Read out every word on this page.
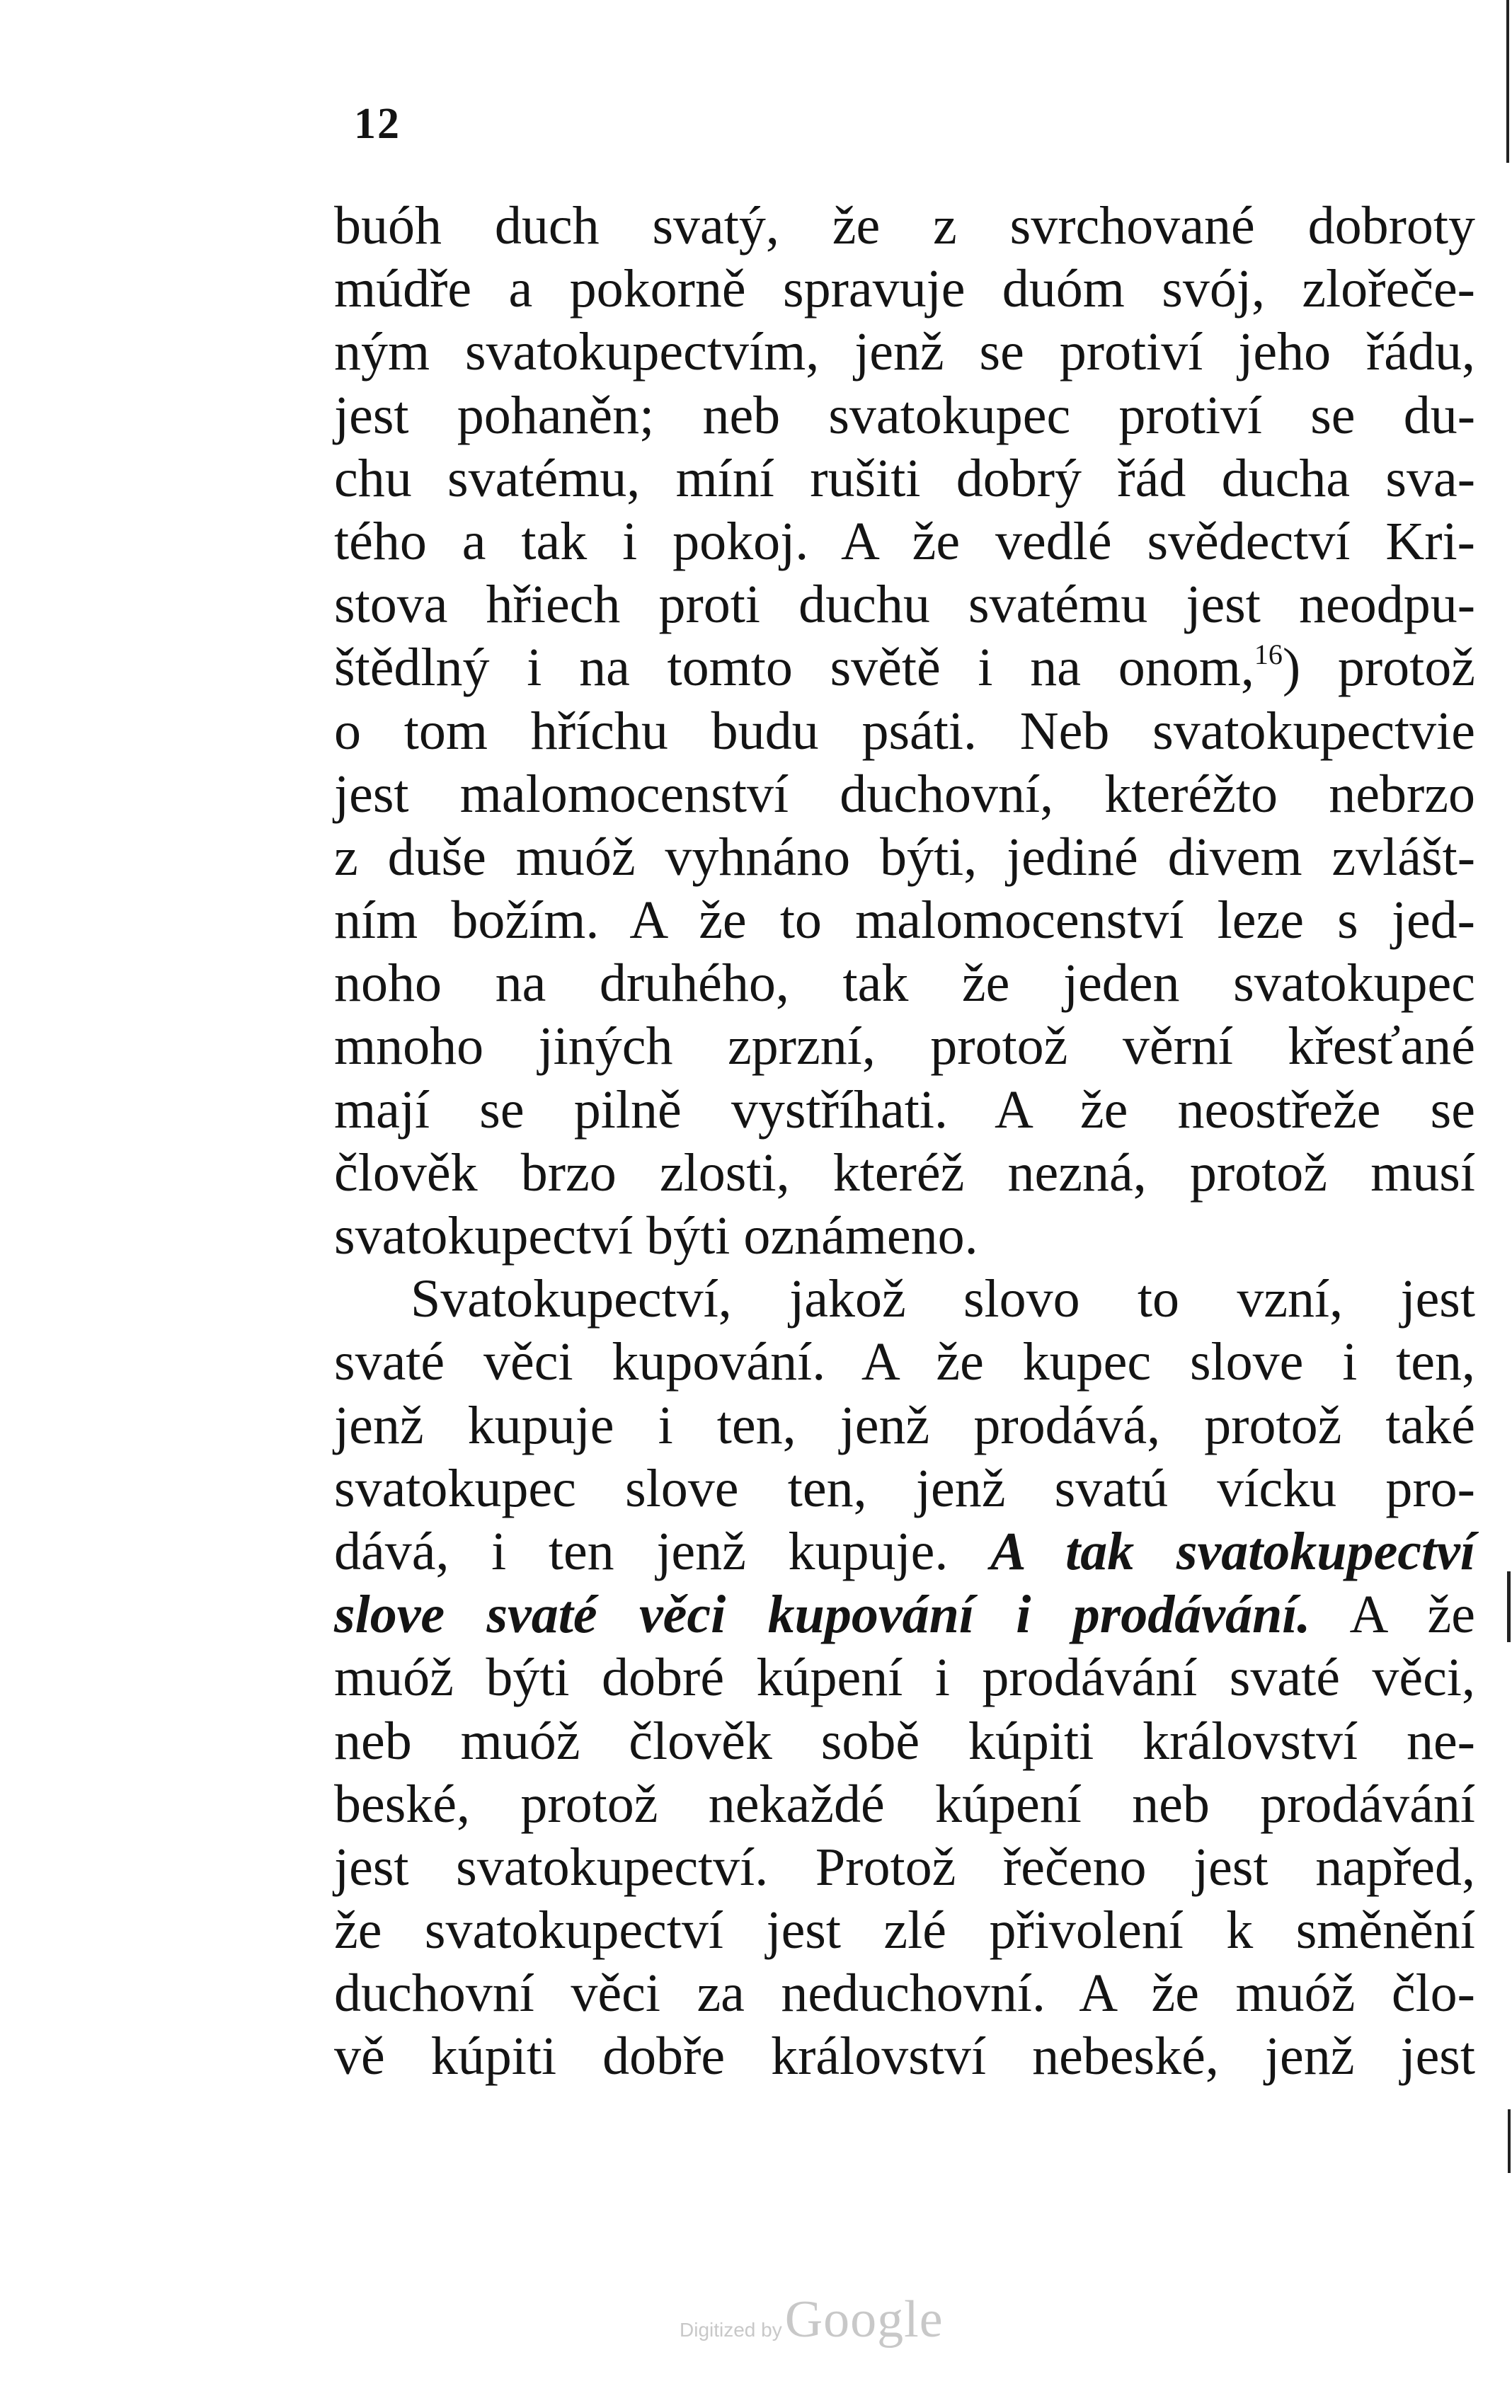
12
buóh duch svatý, že z svrchované dobroty
múdře a pokorně spravuje duóm svój, zlořeče-
ným svatokupectvím, jenž se protiví jeho řádu,
jest pohaněn; neb svatokupec protiví se du-
chu svatému, míní rušiti dobrý řád ducha sva-
tého a tak i pokoj. A že vedlé svědectví Kri-
stova hřiech proti duchu svatému jest neodpu-
štědlný i na tomto světě i na onom,$^{16}$) protož
o tom hříchu budu psáti. Neb svatokupectvie
jest malomocenství duchovní, kteréžto nebrzo
z duše muóž vyhnáno býti, jediné divem zvlášt-
ním božím. A že to malomocenství leze s jed-
noho na druhého, tak že jeden svatokupec
mnoho jiných zprzní, protož věrní křesťané
mají se pilně vystříhati. A že neostřeže se
člověk brzo zlosti, kteréž nezná, protož musí
svatokupectví býti oznámeno.
Svatokupectví, jakož slovo to vzní, jest
svaté věci kupování. A že kupec slove i ten,
jenž kupuje i ten, jenž prodává, protož také
svatokupec slove ten, jenž svatú vícku pro-
dává, i ten jenž kupuje. A tak svatokupectví
slove svaté věci kupování i prodávání. A že
muóž býti dobré kúpení i prodávání svaté věci,
neb muóž člověk sobě kúpiti království ne-
beské, protož nekaždé kúpení neb prodávání
jest svatokupectví. Protož řečeno jest napřed,
že svatokupectví jest zlé přivolení k směnění
duchovní věci za neduchovní. A že muóž člo-
vě kúpiti dobře království nebeské, jenž jest
Digitized by Google
